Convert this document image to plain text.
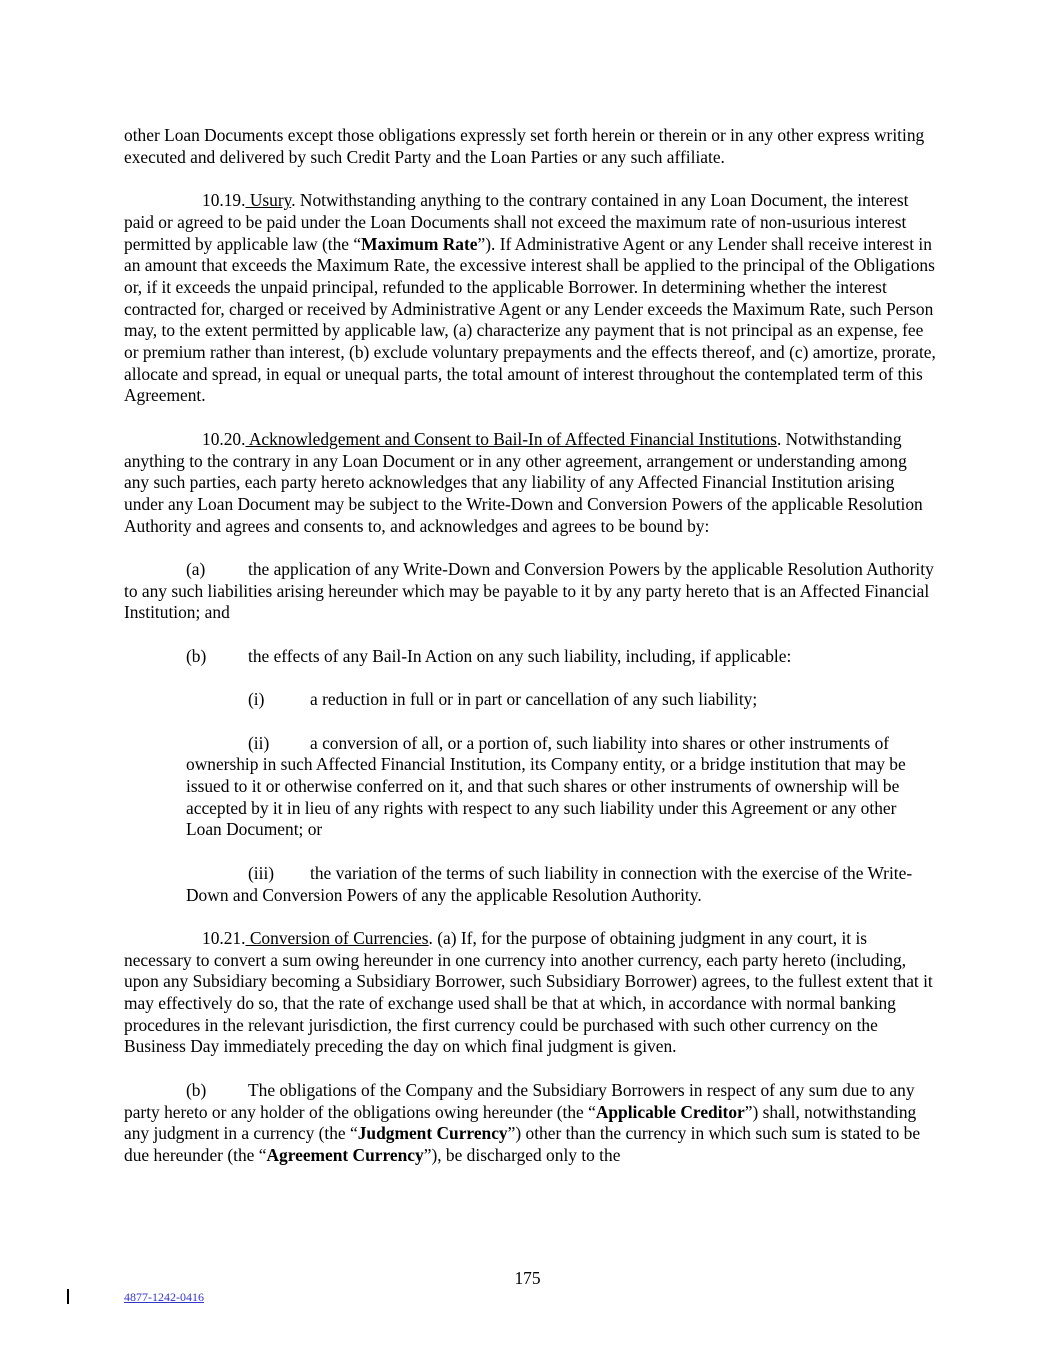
other Loan Documents except those obligations expressly set forth herein or therein or in any other express writing executed and delivered by such Credit Party and the Loan Parties or any such affiliate.

10.19. Usury. Notwithstanding anything to the contrary contained in any Loan Document, the interest paid or agreed to be paid under the Loan Documents shall not exceed the maximum rate of non-usurious interest permitted by applicable law (the “Maximum Rate”). If Administrative Agent or any Lender shall receive interest in an amount that exceeds the Maximum Rate, the excessive interest shall be applied to the principal of the Obligations or, if it exceeds the unpaid principal, refunded to the applicable Borrower. In determining whether the interest contracted for, charged or received by Administrative Agent or any Lender exceeds the Maximum Rate, such Person may, to the extent permitted by applicable law, (a) characterize any payment that is not principal as an expense, fee or premium rather than interest, (b) exclude voluntary prepayments and the effects thereof, and (c) amortize, prorate, allocate and spread, in equal or unequal parts, the total amount of interest throughout the contemplated term of this Agreement.

10.20. Acknowledgement and Consent to Bail-In of Affected Financial Institutions. Notwithstanding anything to the contrary in any Loan Document or in any other agreement, arrangement or understanding among any such parties, each party hereto acknowledges that any liability of any Affected Financial Institution arising under any Loan Document may be subject to the Write-Down and Conversion Powers of the applicable Resolution Authority and agrees and consents to, and acknowledges and agrees to be bound by:

(a) the application of any Write-Down and Conversion Powers by the applicable Resolution Authority to any such liabilities arising hereunder which may be payable to it by any party hereto that is an Affected Financial Institution; and

(b) the effects of any Bail-In Action on any such liability, including, if applicable:

(i)	a reduction in full or in part or cancellation of any such liability;

(ii) a conversion of all, or a portion of, such liability into shares or other instruments of ownership in such Affected Financial Institution, its Company entity, or a bridge institution that may be issued to it or otherwise conferred on it, and that such shares or other instruments of ownership will be accepted by it in lieu of any rights with respect to any such liability under this Agreement or any other Loan Document; or

(iii) the variation of the terms of such liability in connection with the exercise of the Write-Down and Conversion Powers of any the applicable Resolution Authority.

10.21. Conversion of Currencies. (a) If, for the purpose of obtaining judgment in any court, it is necessary to convert a sum owing hereunder in one currency into another currency, each party hereto (including, upon any Subsidiary becoming a Subsidiary Borrower, such Subsidiary Borrower) agrees, to the fullest extent that it may effectively do so, that the rate of exchange used shall be that at which, in accordance with normal banking procedures in the relevant jurisdiction, the first currency could be purchased with such other currency on the Business Day immediately preceding the day on which final judgment is given.

(b) The obligations of the Company and the Subsidiary Borrowers in respect of any sum due to any party hereto or any holder of the obligations owing hereunder (the “Applicable Creditor”) shall, notwithstanding any judgment in a currency (the “Judgment Currency”) other than the currency in which such sum is stated to be due hereunder (the “Agreement Currency”), be discharged only to the

175
4877-1242-0416
